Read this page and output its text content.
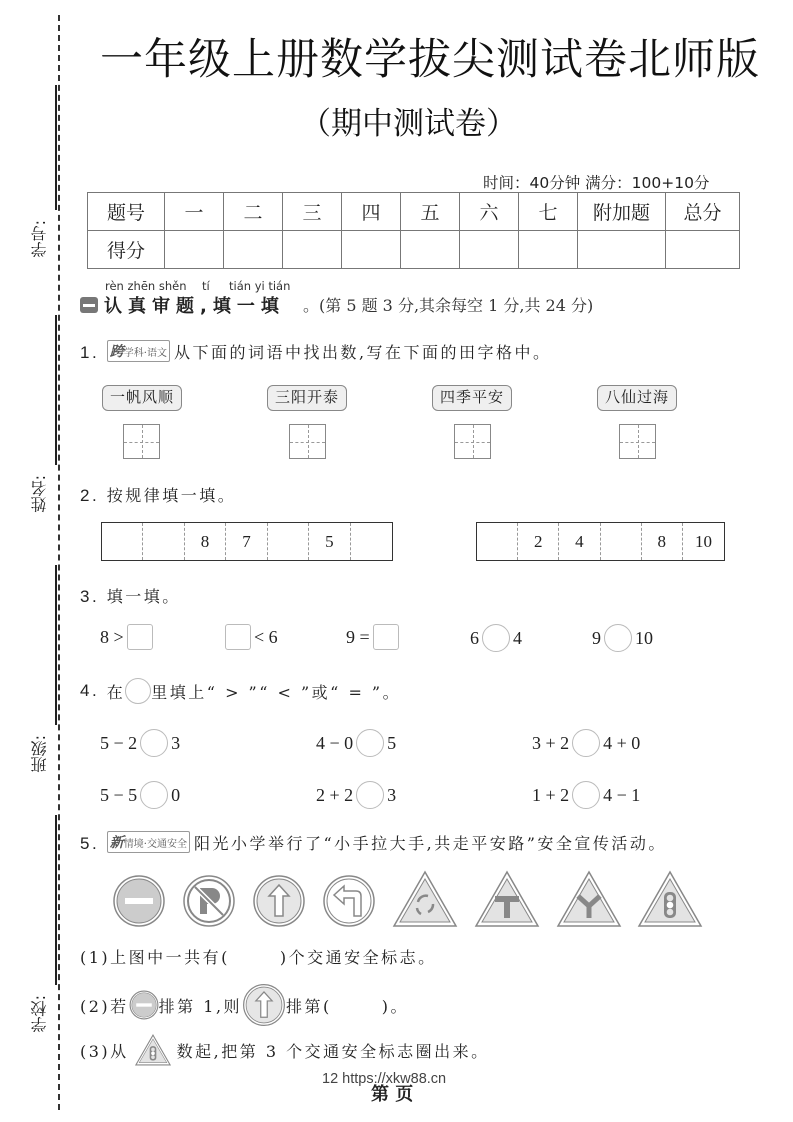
学号:
姓名:
班级:
学校:
一年级上册数学拔尖测试卷北师版
（期中测试卷）
时间：40分钟 满分：100+10分
题号	一	二	三	四	五	六	七	附加题	总分
得分									
rèn zhēn shěn tí tián yi tián
认真审题,填一填 。(第 5 题 3 分,其余每空 1 分,共 24 分)
1. 跨学科·语文 从下面的词语中找出数,写在下面的田字格中。
一帆风顺	三阳开泰	四季平安	八仙过海
2. 按规律填一填。
8	7	5	2	4	8	10
3. 填一填。
8 >	< 6	9 =	6 4	9 10
4.
在 里填上“ > ”“ < ”或“ = ”。
5 − 2 3	4 − 0 5	3 + 2 4 + 0
5 − 5 0	2 + 2 3	1 + 2 4 − 1
5. 新情境·交通安全 阳光小学举行了“小手拉大手,共走平安路”安全宣传活动。
(1)上图中一共有(	)个交通安全标志。
(2)若 排第 1,则	排第(	)。
(3)从	数起,把第 3 个交通安全标志圈出来。
12 https://xkw88.cn
第 页
